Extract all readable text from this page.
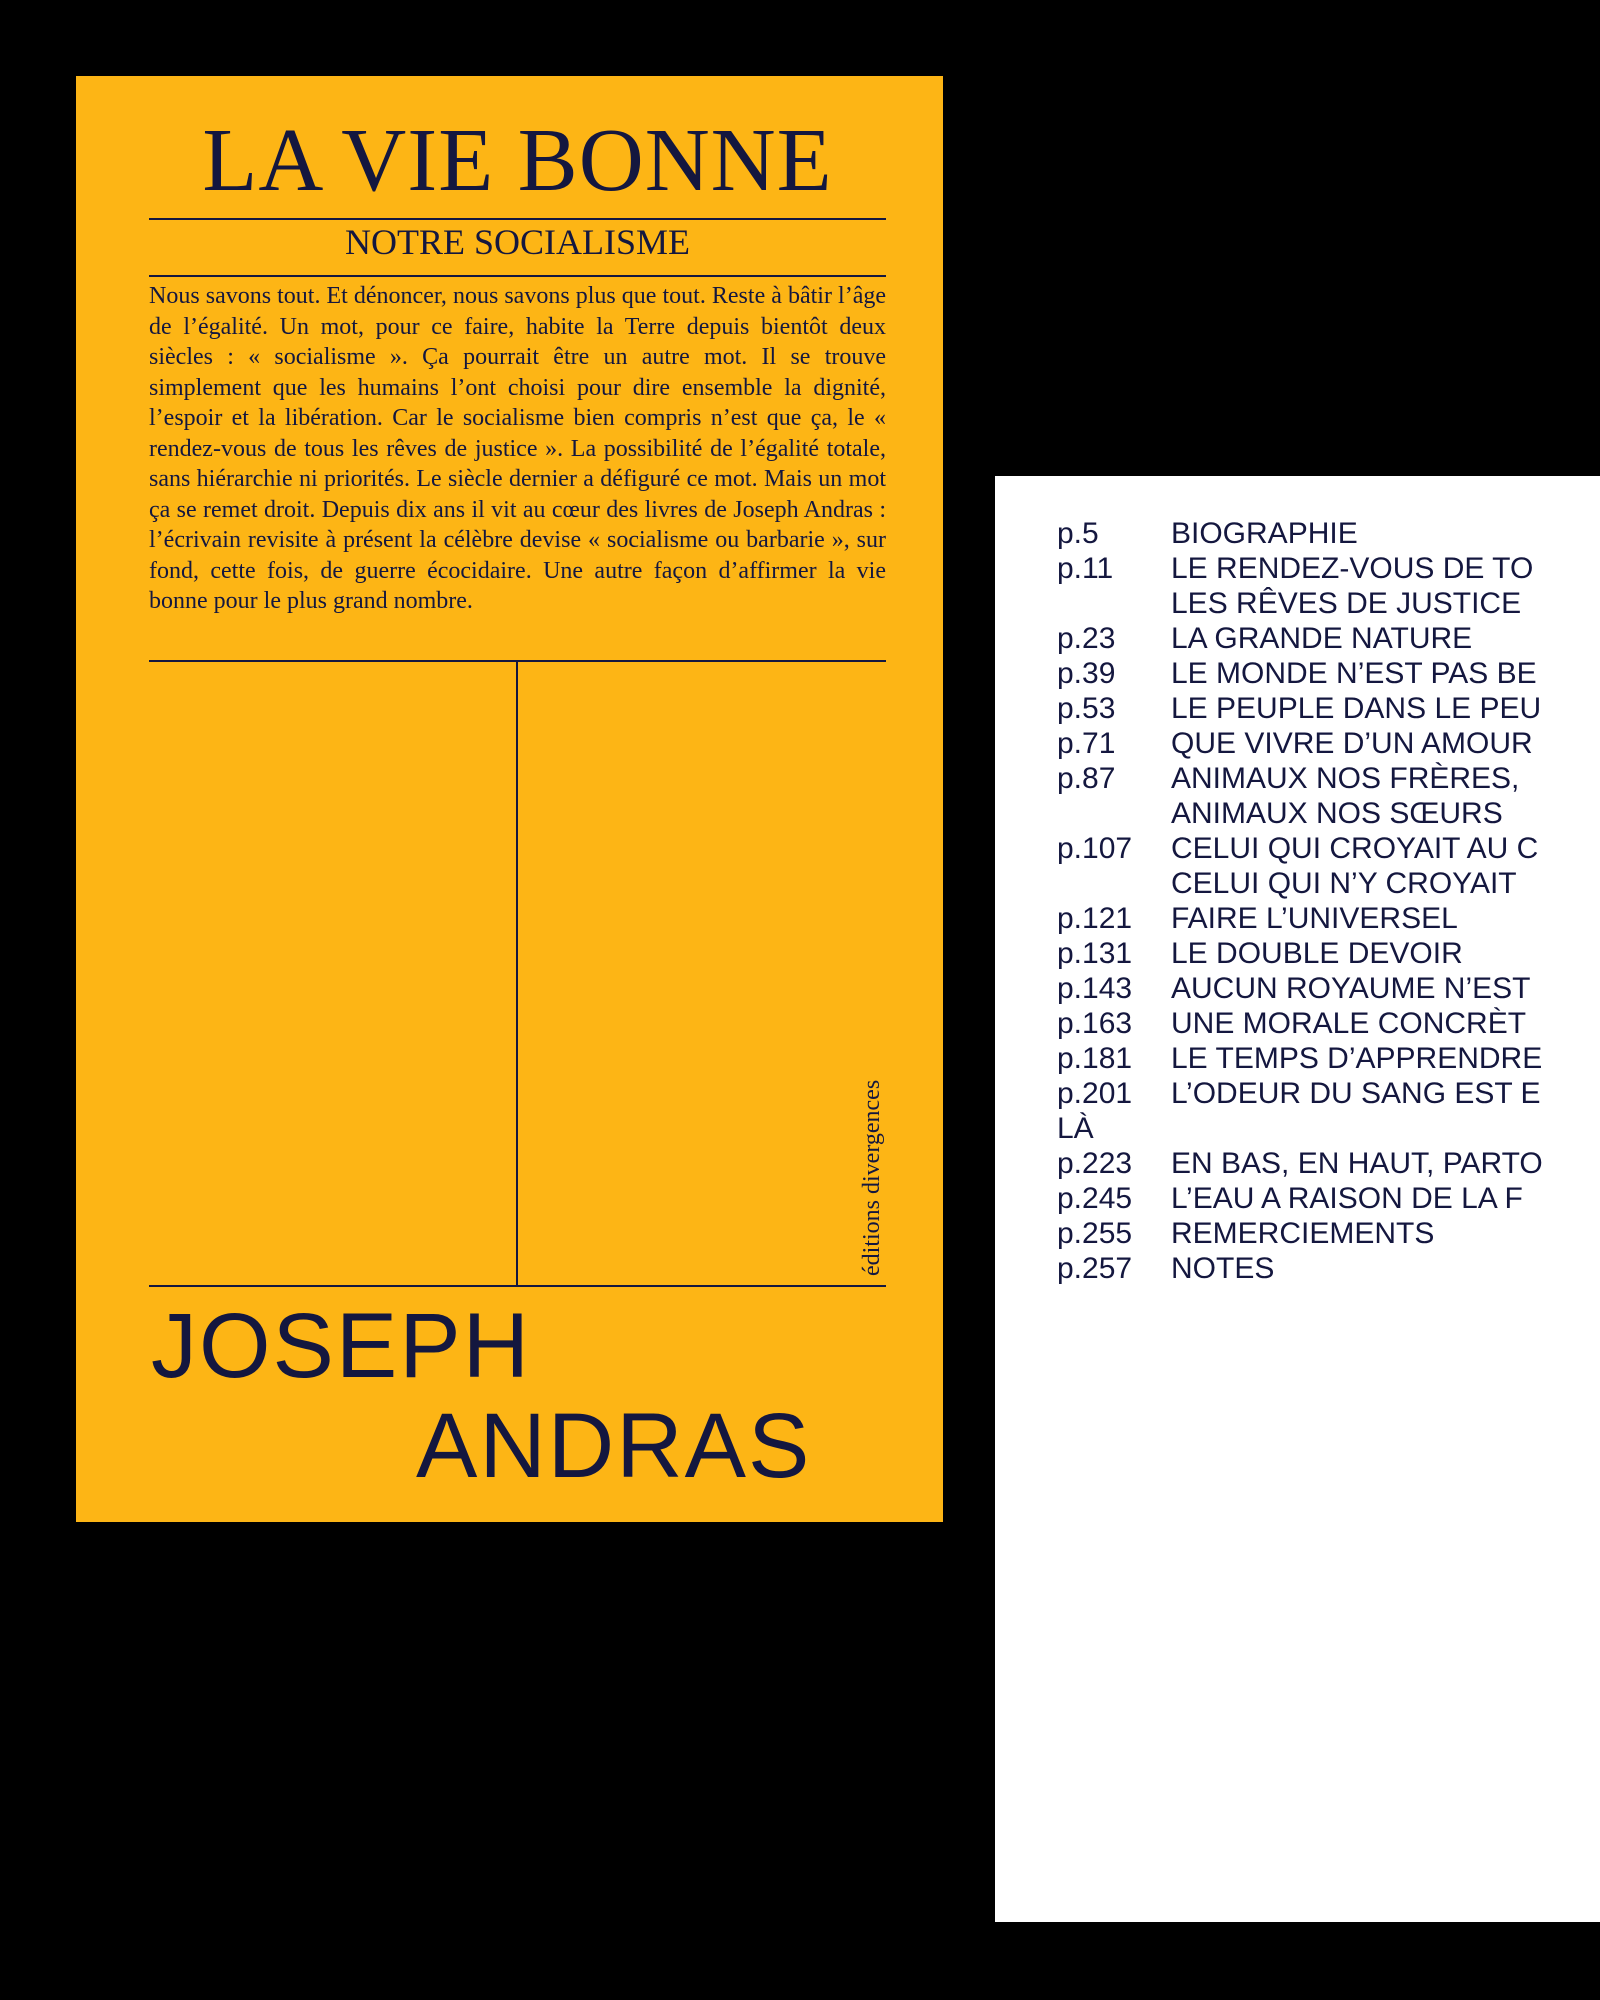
LA VIE BONNE
NOTRE SOCIALISME

Nous savons tout. Et dénoncer, nous savons plus que tout. Reste à bâtir l’âge de l’égalité. Un mot, pour ce faire, habite la Terre depuis bientôt deux siècles : « socialisme ». Ça pourrait être un autre mot. Il se trouve simplement que les humains l’ont choisi pour dire ensemble la dignité, l’espoir et la libération. Car le socialisme bien compris n’est que ça, le « rendez-vous de tous les rêves de justice ». La possibilité de l’égalité totale, sans hiérarchie ni priorités. Le siècle dernier a défiguré ce mot. Mais un mot ça se remet droit. Depuis dix ans il vit au cœur des livres de Joseph Andras : l’écrivain revisite à présent la célèbre devise « socialisme ou barbarie », sur fond, cette fois, de guerre écocidaire. Une autre façon d’affirmer la vie bonne pour le plus grand nombre.

éditions divergences
JOSEPH
ANDRAS
p.5	BIOGRAPHIE
p.11	LE RENDEZ-VOUS DE TO
LES RÊVES DE JUSTICE
p.23	LA GRANDE NATURE
p.39	LE MONDE N’EST PAS BE
p.53	LE PEUPLE DANS LE PEU
p.71	QUE VIVRE D’UN AMOUR
p.87	ANIMAUX NOS FRÈRES,
ANIMAUX NOS SŒURS
p.107	CELUI QUI CROYAIT AU C
CELUI QUI N’Y CROYAIT
p.121	FAIRE L’UNIVERSEL
p.131	LE DOUBLE DEVOIR
p.143	AUCUN ROYAUME N’EST
p.163	UNE MORALE CONCRÈT
p.181	LE TEMPS D’APPRENDRE
p.201	L’ODEUR DU SANG EST E
LÀ
p.223	EN BAS, EN HAUT, PARTO
p.245	L’EAU A RAISON DE LA F
p.255	REMERCIEMENTS
p.257	NOTES
